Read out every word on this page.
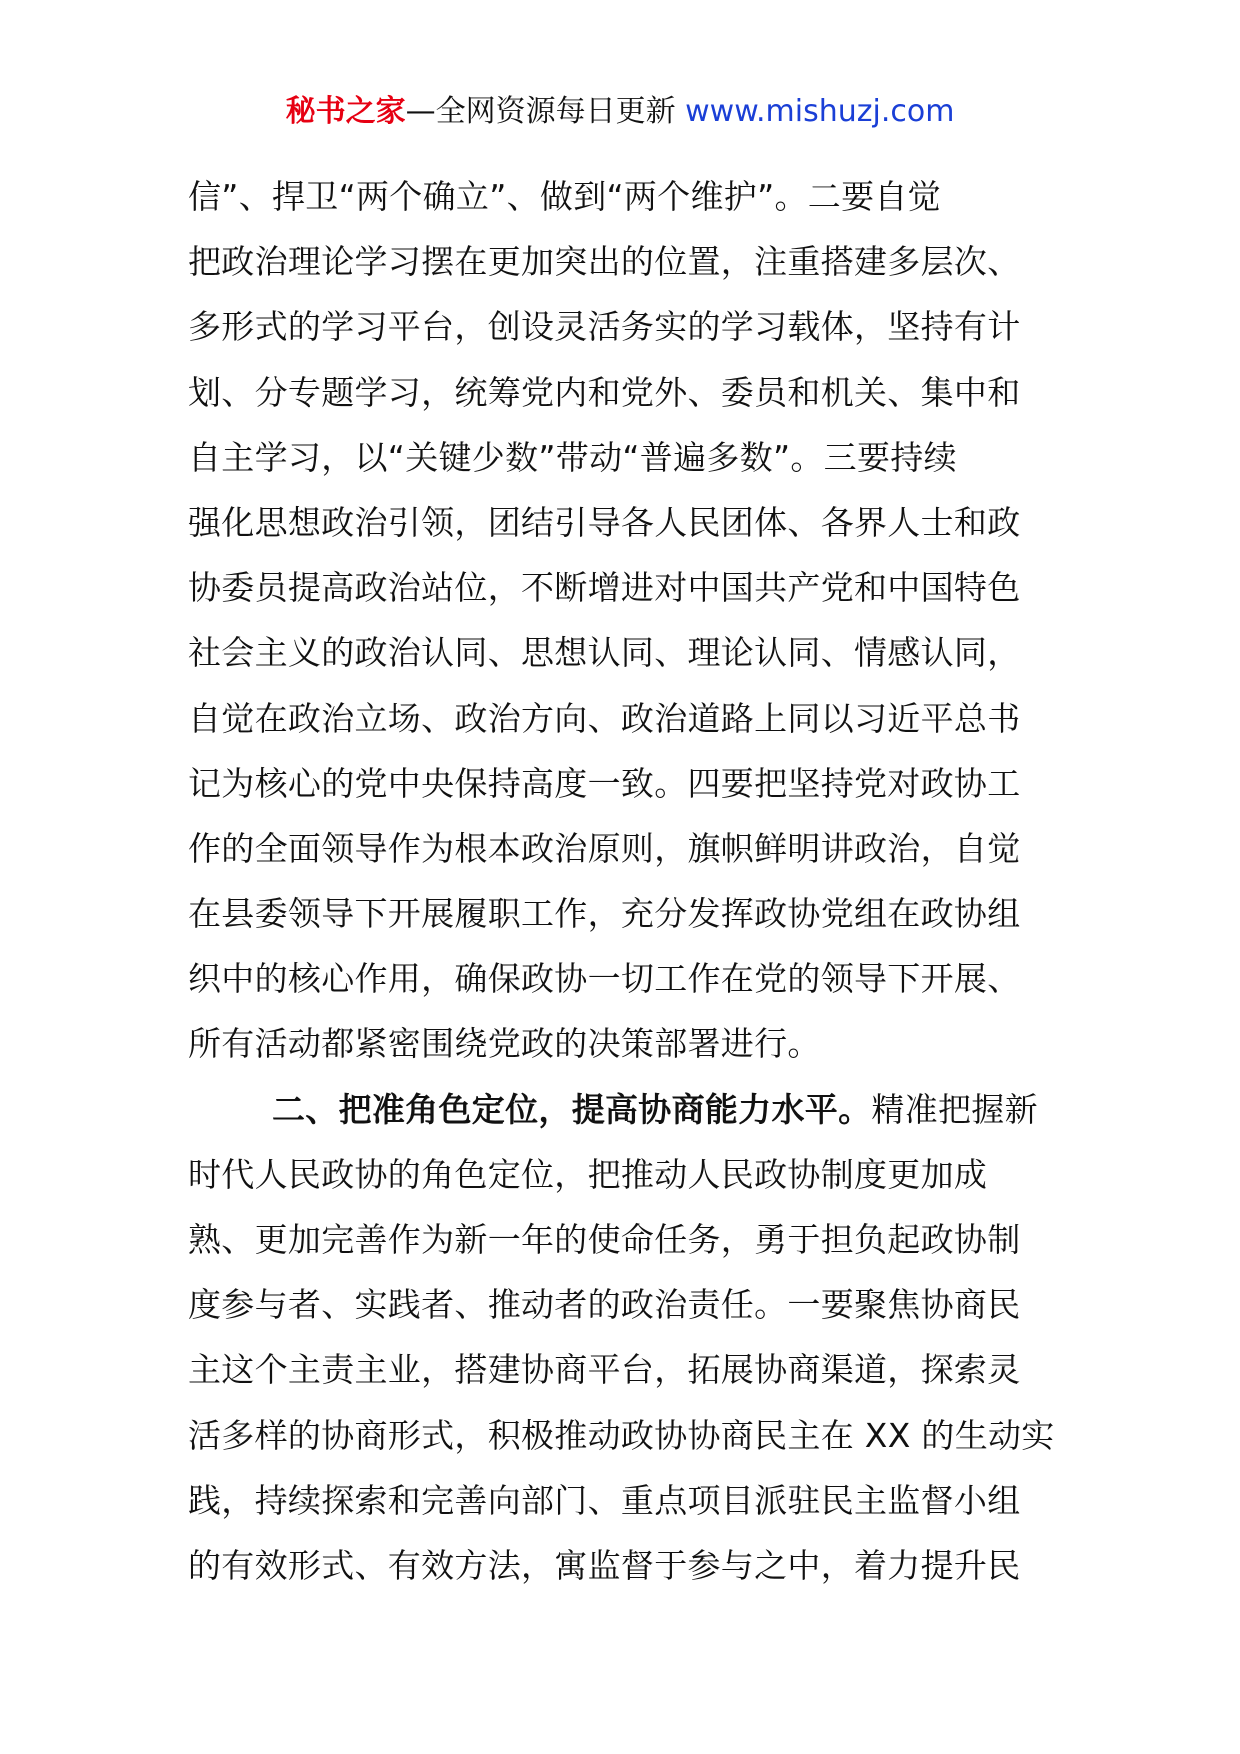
秘书之家—全网资源每日更新 www.mishuzj.com
信”、捍卫“两个确立”、做到“两个维护”。二要自觉
把政治理论学习摆在更加突出的位置，注重搭建多层次、
多形式的学习平台，创设灵活务实的学习载体，坚持有计
划、分专题学习，统筹党内和党外、委员和机关、集中和
自主学习，以“关键少数”带动“普遍多数”。三要持续
强化思想政治引领，团结引导各人民团体、各界人士和政
协委员提高政治站位，不断增进对中国共产党和中国特色
社会主义的政治认同、思想认同、理论认同、情感认同，
自觉在政治立场、政治方向、政治道路上同以习近平总书
记为核心的党中央保持高度一致。四要把坚持党对政协工
作的全面领导作为根本政治原则，旗帜鲜明讲政治，自觉
在县委领导下开展履职工作，充分发挥政协党组在政协组
织中的核心作用，确保政协一切工作在党的领导下开展、
所有活动都紧密围绕党政的决策部署进行。
二、把准角色定位，提高协商能力水平。精准把握新
时代人民政协的角色定位，把推动人民政协制度更加成
熟、更加完善作为新一年的使命任务，勇于担负起政协制
度参与者、实践者、推动者的政治责任。一要聚焦协商民
主这个主责主业，搭建协商平台，拓展协商渠道，探索灵
活多样的协商形式，积极推动政协协商民主在 XX 的生动实
践，持续探索和完善向部门、重点项目派驻民主监督小组
的有效形式、有效方法，寓监督于参与之中，着力提升民
